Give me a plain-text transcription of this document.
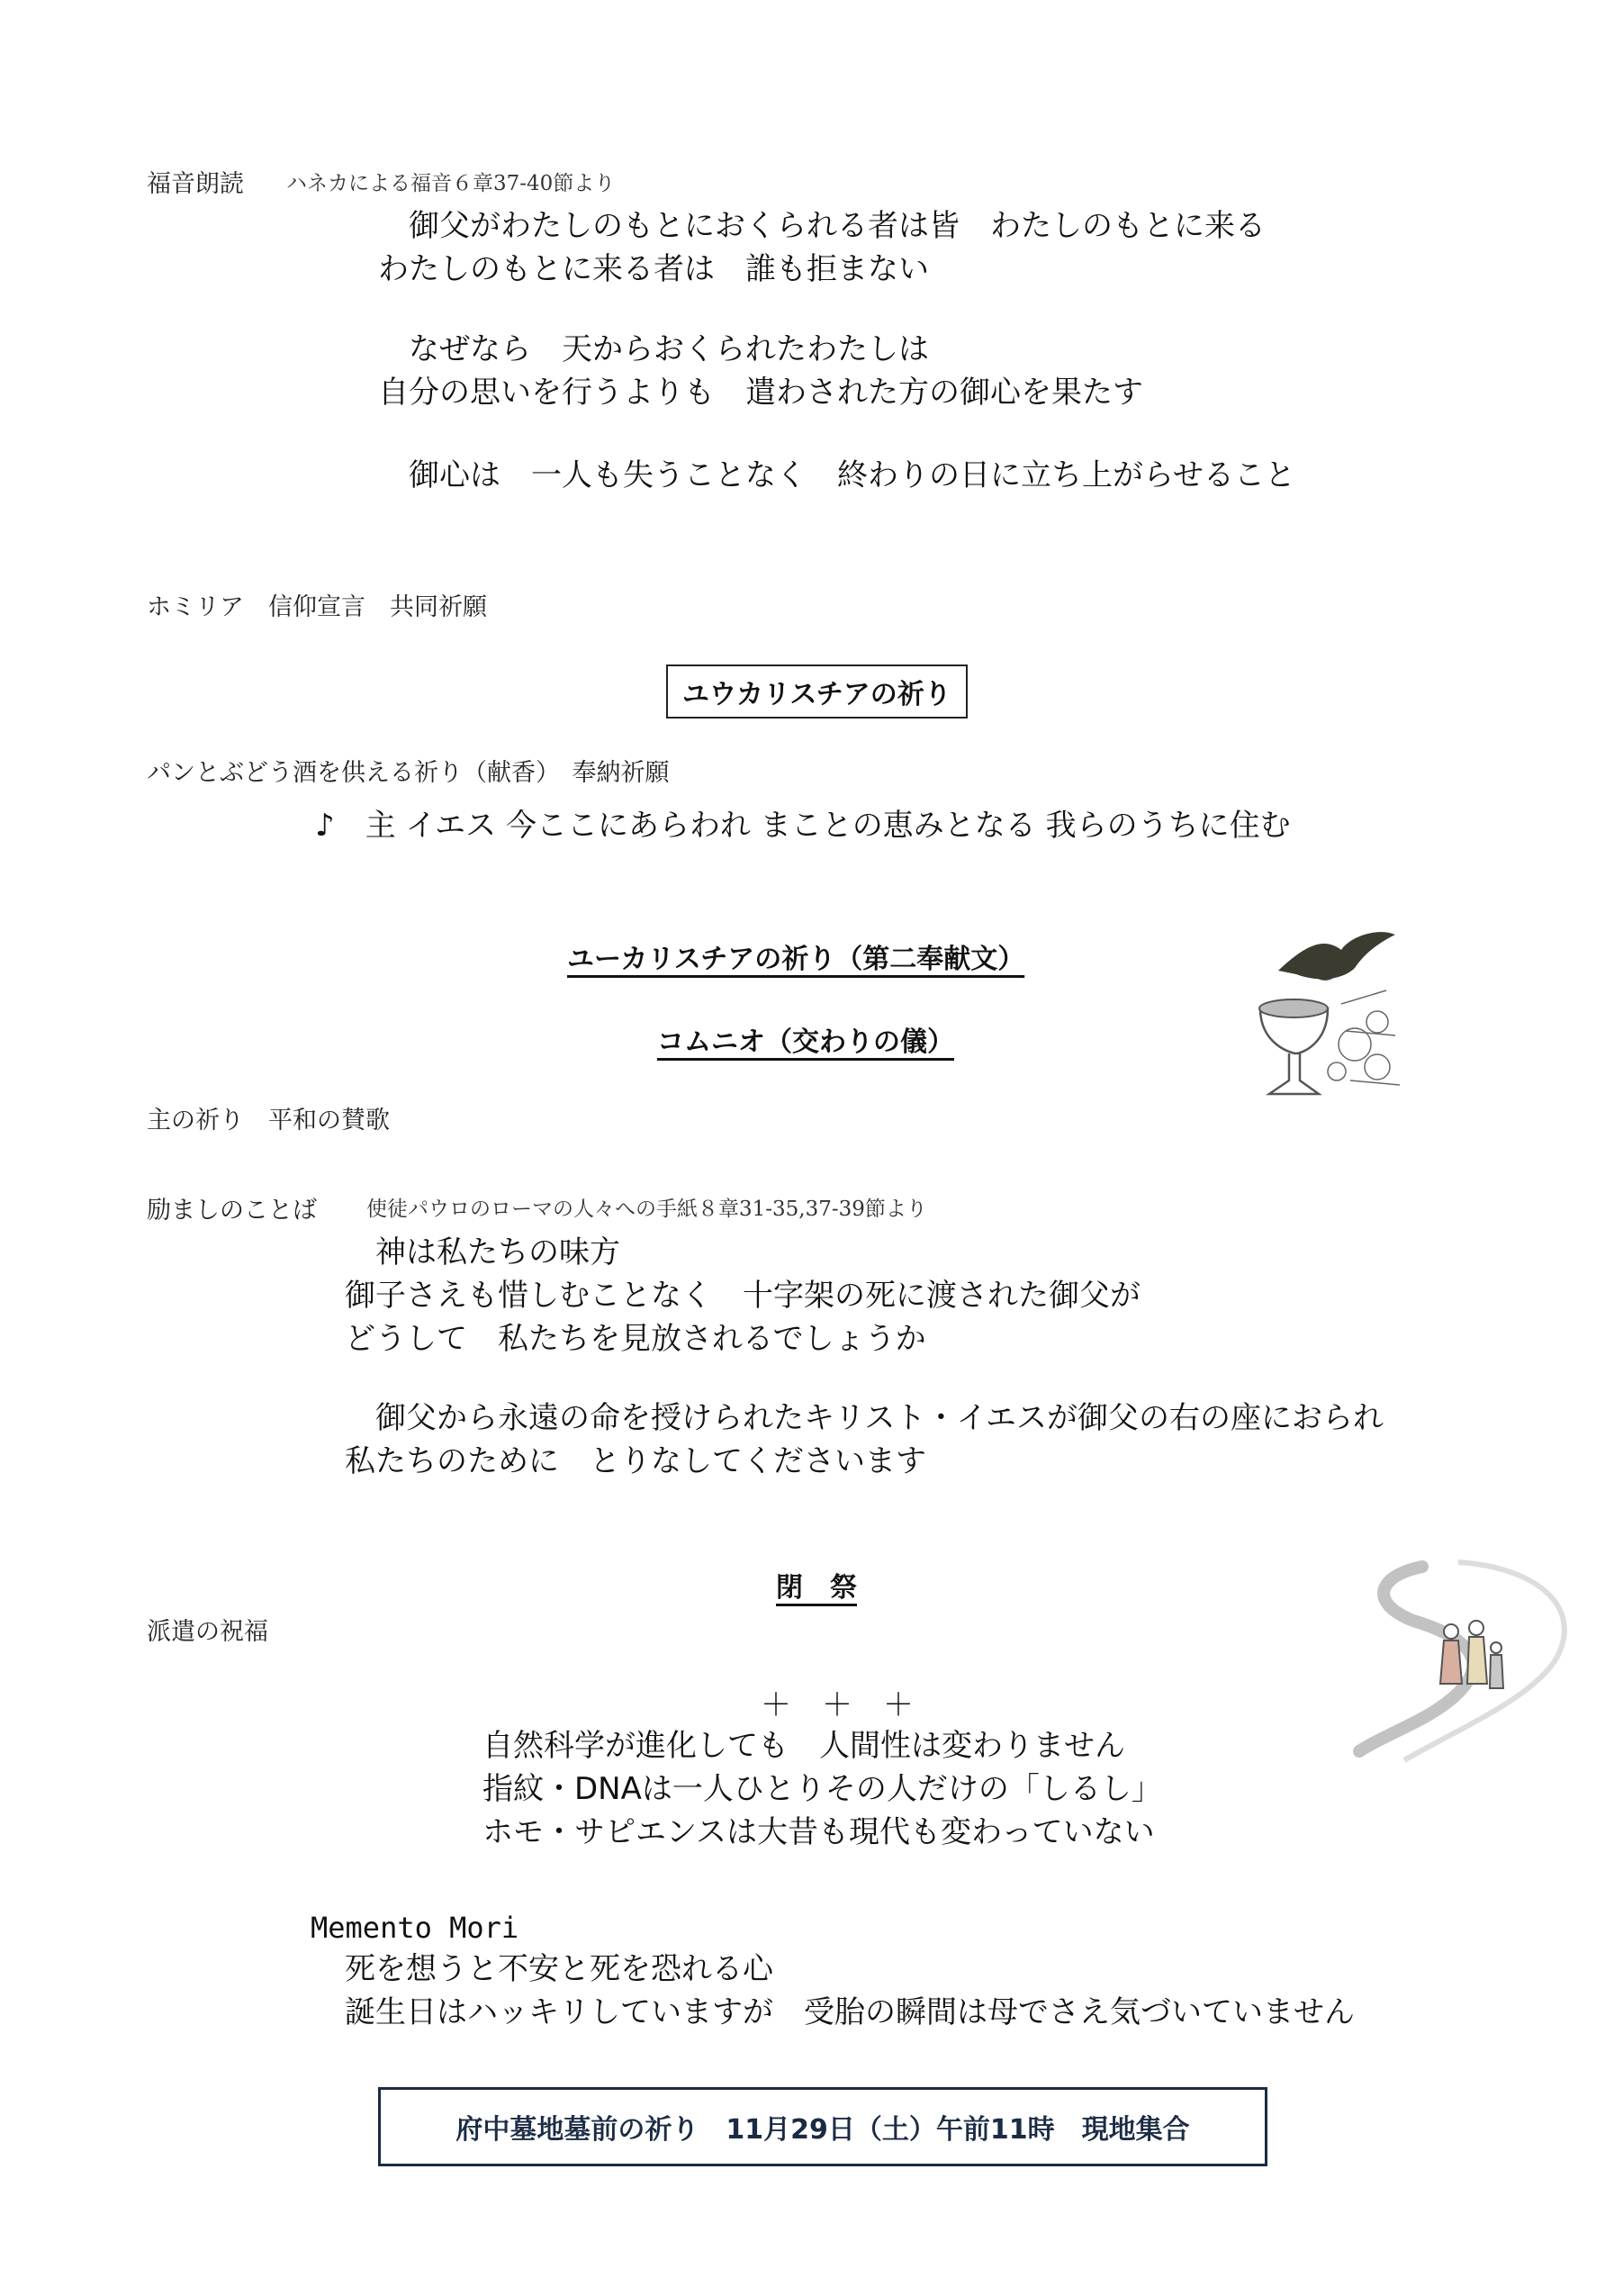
福音朗読 ハネカによる福音６章37-40節より
　御父がわたしのもとにおくられる者は皆　わたしのもとに来る
わたしのもとに来る者は　誰も拒まない
　なぜなら　天からおくられたわたしは
自分の思いを行うよりも　遣わされた方の御心を果たす
　御心は　一人も失うことなく　終わりの日に立ち上がらせること
ホミリア　信仰宣言　共同祈願
ユウカリスチアの祈り
パンとぶどう酒を供える祈り（献香）　奉納祈願
♪　主 イエス 今ここにあらわれ まことの恵みとなる 我らのうちに住む
ユーカリスチアの祈り（第二奉献文）
コムニオ（交わりの儀）
主の祈り　平和の賛歌
励ましのことば 使徒パウロのローマの人々への手紙８章31-35,37-39節より
　神は私たちの味方
御子さえも惜しむことなく　十字架の死に渡された御父が
どうして　私たちを見放されるでしょうか
　御父から永遠の命を授けられたキリスト・イエスが御父の右の座におられ
私たちのために　とりなしてくださいます
閉　祭
派遣の祝福
＋　＋　＋
自然科学が進化しても　人間性は変わりません
指紋・DNAは一人ひとりその人だけの「しるし」
ホモ・サピエンスは大昔も現代も変わっていない
Memento Mori
死を想うと不安と死を恐れる心
誕生日はハッキリしていますが　受胎の瞬間は母でさえ気づいていません
府中墓地墓前の祈り　11月29日（土）午前11時　現地集合
